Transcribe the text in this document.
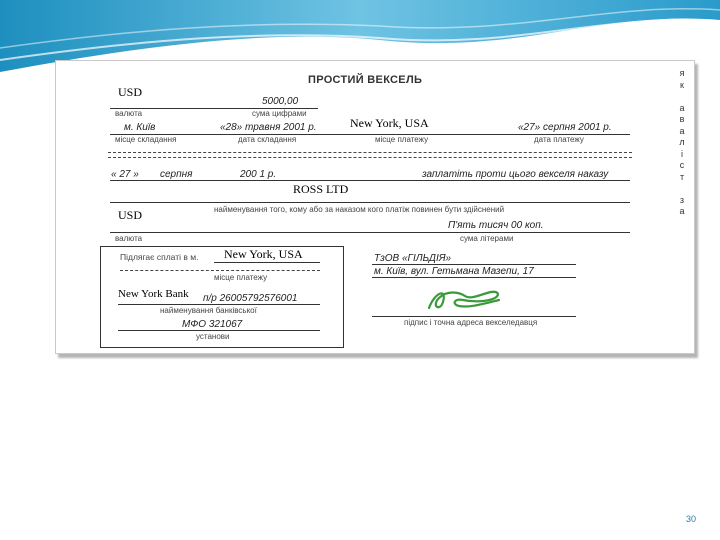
ПРОСТИЙ ВЕКСЕЛЬ
USD
5000,00
валюта	сума цифрами
м. Київ	«28» травня 2001 р.	New York, USA	«27» серпня 2001 р.
місце складання	дата складання	місце платежу	дата платежу
« 27 » серпня	200 1 р.	заплатіть проти цього векселя наказу
ROSS LTD
найменування того, кому або за наказом кого платіж повинен бути здійснений
USD
П'ять тисяч 00 коп.
валюта	сумa літерами
я
к

а
в
а
л
і
с
т

з
а
Підлягає сплаті в м. New York, USA
місце платежу
New York Bank п/р 26005792576001
найменування банківської
МФО 321067
установи
ТзОВ «ГІЛЬДІЯ»
м. Київ, вул. Гетьмана Мазепи, 17
підпис і точна адреса векселедавця
30
